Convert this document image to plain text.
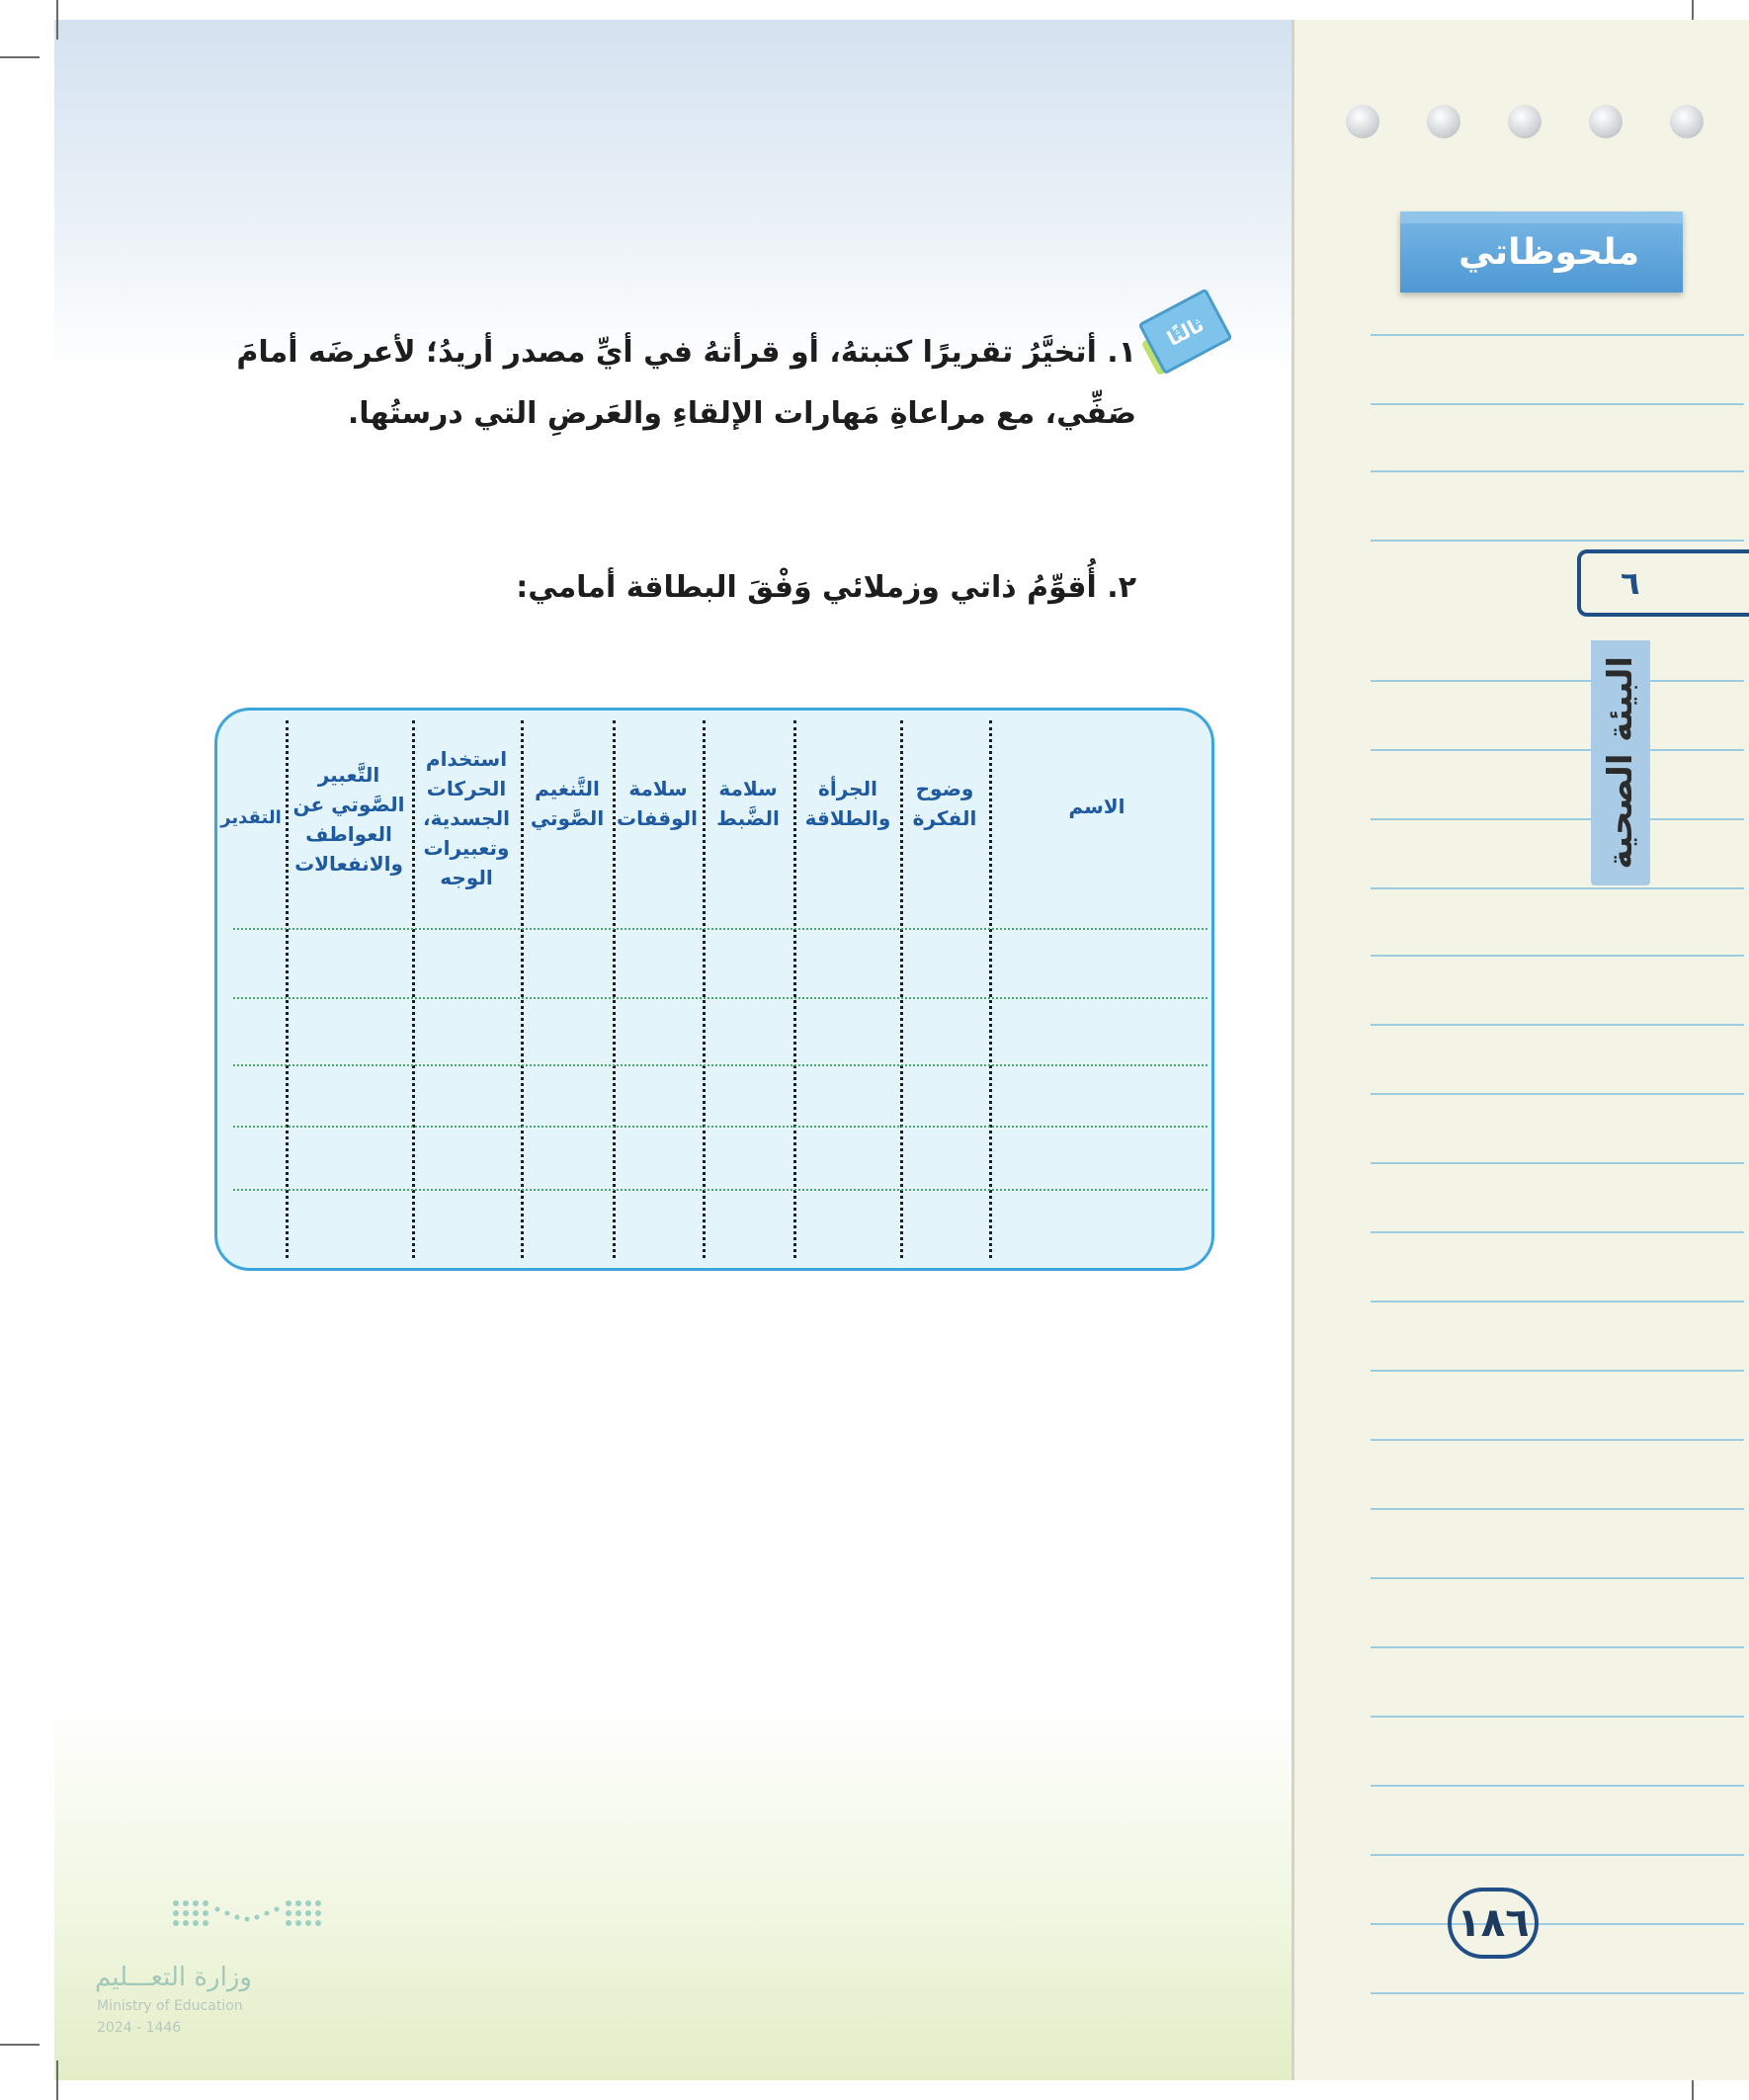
ملحوظاتي
٦
البيئة الصحية
١٨٦
ثالثًا
١. أتخيَّرُ تقريرًا كتبتهُ، أو قرأتهُ في أيِّ مصدر أريدُ؛ لأعرضَه أمامَ صَفِّي، مع مراعاةِ مَهارات الإلقاءِ والعَرضِ التي درستُها.
٢. أُقوِّمُ ذاتي وزملائي وَفْقَ البطاقة أمامي:
الاسم
وضوح الفكرة
الجرأة والطلاقة
سلامة الضَّبط
سلامة الوقفات
التَّنغيم الصَّوتي
استخدام الحركات الجسدية، وتعبيرات الوجه
التَّعبير الصَّوتي عن العواطف والانفعالات
التقدير
وزارة التعـــليم
Ministry of Education
2024 - 1446
